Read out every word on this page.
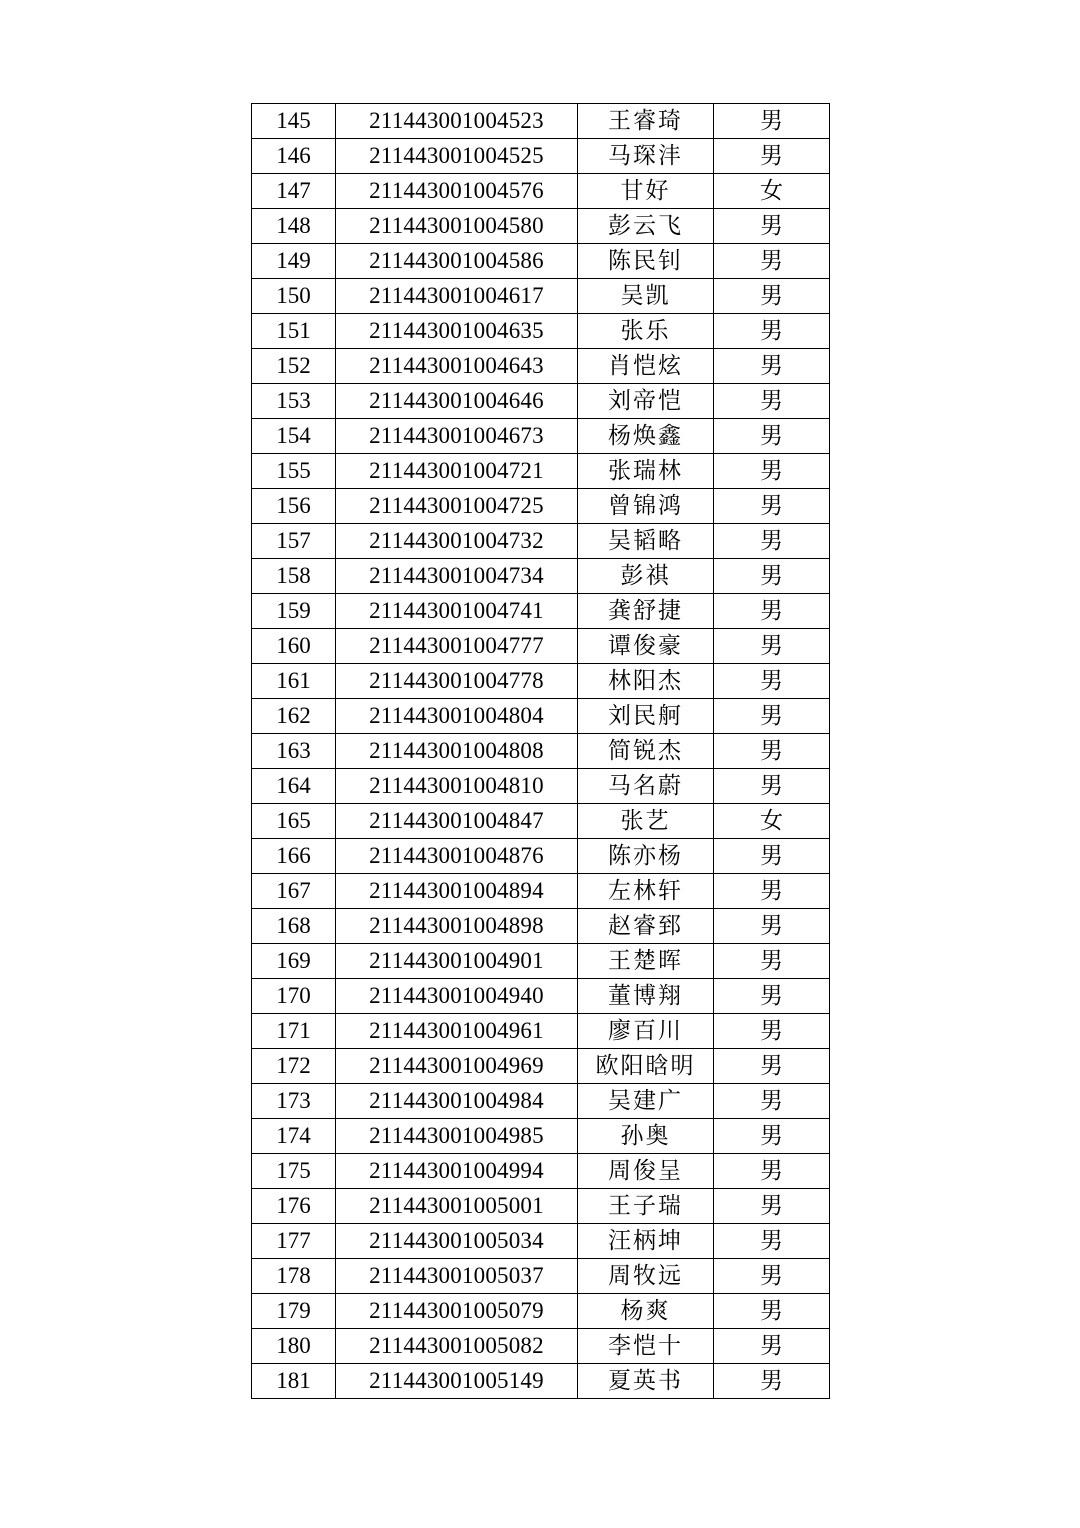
145	211443001004523	王睿琦	男
146	211443001004525	马琛沣	男
147	211443001004576	甘好	女
148	211443001004580	彭云飞	男
149	211443001004586	陈民钊	男
150	211443001004617	吴凯	男
151	211443001004635	张乐	男
152	211443001004643	肖恺炫	男
153	211443001004646	刘帝恺	男
154	211443001004673	杨焕鑫	男
155	211443001004721	张瑞林	男
156	211443001004725	曾锦鸿	男
157	211443001004732	吴韬略	男
158	211443001004734	彭祺	男
159	211443001004741	龚舒捷	男
160	211443001004777	谭俊豪	男
161	211443001004778	林阳杰	男
162	211443001004804	刘民舸	男
163	211443001004808	简锐杰	男
164	211443001004810	马名蔚	男
165	211443001004847	张艺	女
166	211443001004876	陈亦杨	男
167	211443001004894	左林轩	男
168	211443001004898	赵睿郅	男
169	211443001004901	王楚晖	男
170	211443001004940	董博翔	男
171	211443001004961	廖百川	男
172	211443001004969	欧阳晗明	男
173	211443001004984	吴建广	男
174	211443001004985	孙奥	男
175	211443001004994	周俊呈	男
176	211443001005001	王子瑞	男
177	211443001005034	汪柄坤	男
178	211443001005037	周牧远	男
179	211443001005079	杨爽	男
180	211443001005082	李恺十	男
181	211443001005149	夏英书	男
